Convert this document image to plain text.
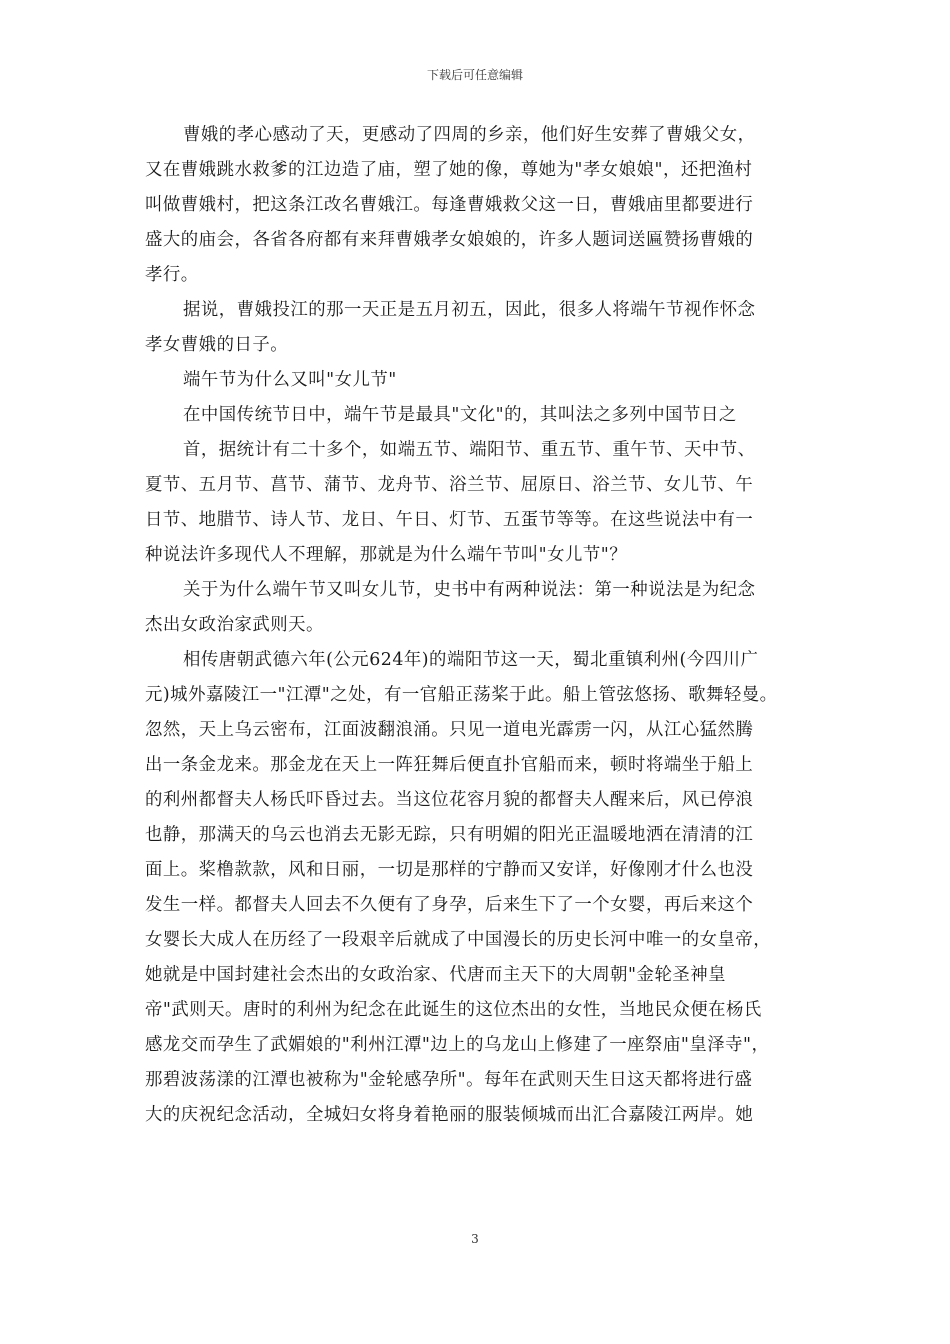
下载后可任意编辑
曹娥的孝心感动了天，更感动了四周的乡亲，他们好生安葬了曹娥父女，
又在曹娥跳水救爹的江边造了庙，塑了她的像，尊她为"孝女娘娘"，还把渔村
叫做曹娥村，把这条江改名曹娥江。每逢曹娥救父这一日，曹娥庙里都要进行
盛大的庙会，各省各府都有来拜曹娥孝女娘娘的，许多人题词送匾赞扬曹娥的
孝行。
据说，曹娥投江的那一天正是五月初五，因此，很多人将端午节视作怀念
孝女曹娥的日子。
端午节为什么又叫"女儿节"
在中国传统节日中，端午节是最具"文化"的，其叫法之多列中国节日之
首，据统计有二十多个，如端五节、端阳节、重五节、重午节、天中节、
夏节、五月节、菖节、蒲节、龙舟节、浴兰节、屈原日、浴兰节、女儿节、午
日节、地腊节、诗人节、龙日、午日、灯节、五蛋节等等。在这些说法中有一
种说法许多现代人不理解，那就是为什么端午节叫"女儿节"？
关于为什么端午节又叫女儿节，史书中有两种说法：第一种说法是为纪念
杰出女政治家武则天。
相传唐朝武德六年(公元624年)的端阳节这一天，蜀北重镇利州(今四川广
元)城外嘉陵江一"江潭"之处，有一官船正荡桨于此。船上管弦悠扬、歌舞轻曼。
忽然，天上乌云密布，江面波翻浪涌。只见一道电光霹雳一闪，从江心猛然腾
出一条金龙来。那金龙在天上一阵狂舞后便直扑官船而来，顿时将端坐于船上
的利州都督夫人杨氏吓昏过去。当这位花容月貌的都督夫人醒来后，风已停浪
也静，那满天的乌云也消去无影无踪，只有明媚的阳光正温暖地洒在清清的江
面上。桨橹款款，风和日丽，一切是那样的宁静而又安详，好像刚才什么也没
发生一样。都督夫人回去不久便有了身孕，后来生下了一个女婴，再后来这个
女婴长大成人在历经了一段艰辛后就成了中国漫长的历史长河中唯一的女皇帝，
她就是中国封建社会杰出的女政治家、代唐而主天下的大周朝"金轮圣神皇
帝"武则天。唐时的利州为纪念在此诞生的这位杰出的女性，当地民众便在杨氏
感龙交而孕生了武媚娘的"利州江潭"边上的乌龙山上修建了一座祭庙"皇泽寺"，
那碧波荡漾的江潭也被称为"金轮感孕所"。每年在武则天生日这天都将进行盛
大的庆祝纪念活动，全城妇女将身着艳丽的服装倾城而出汇合嘉陵江两岸。她
3
